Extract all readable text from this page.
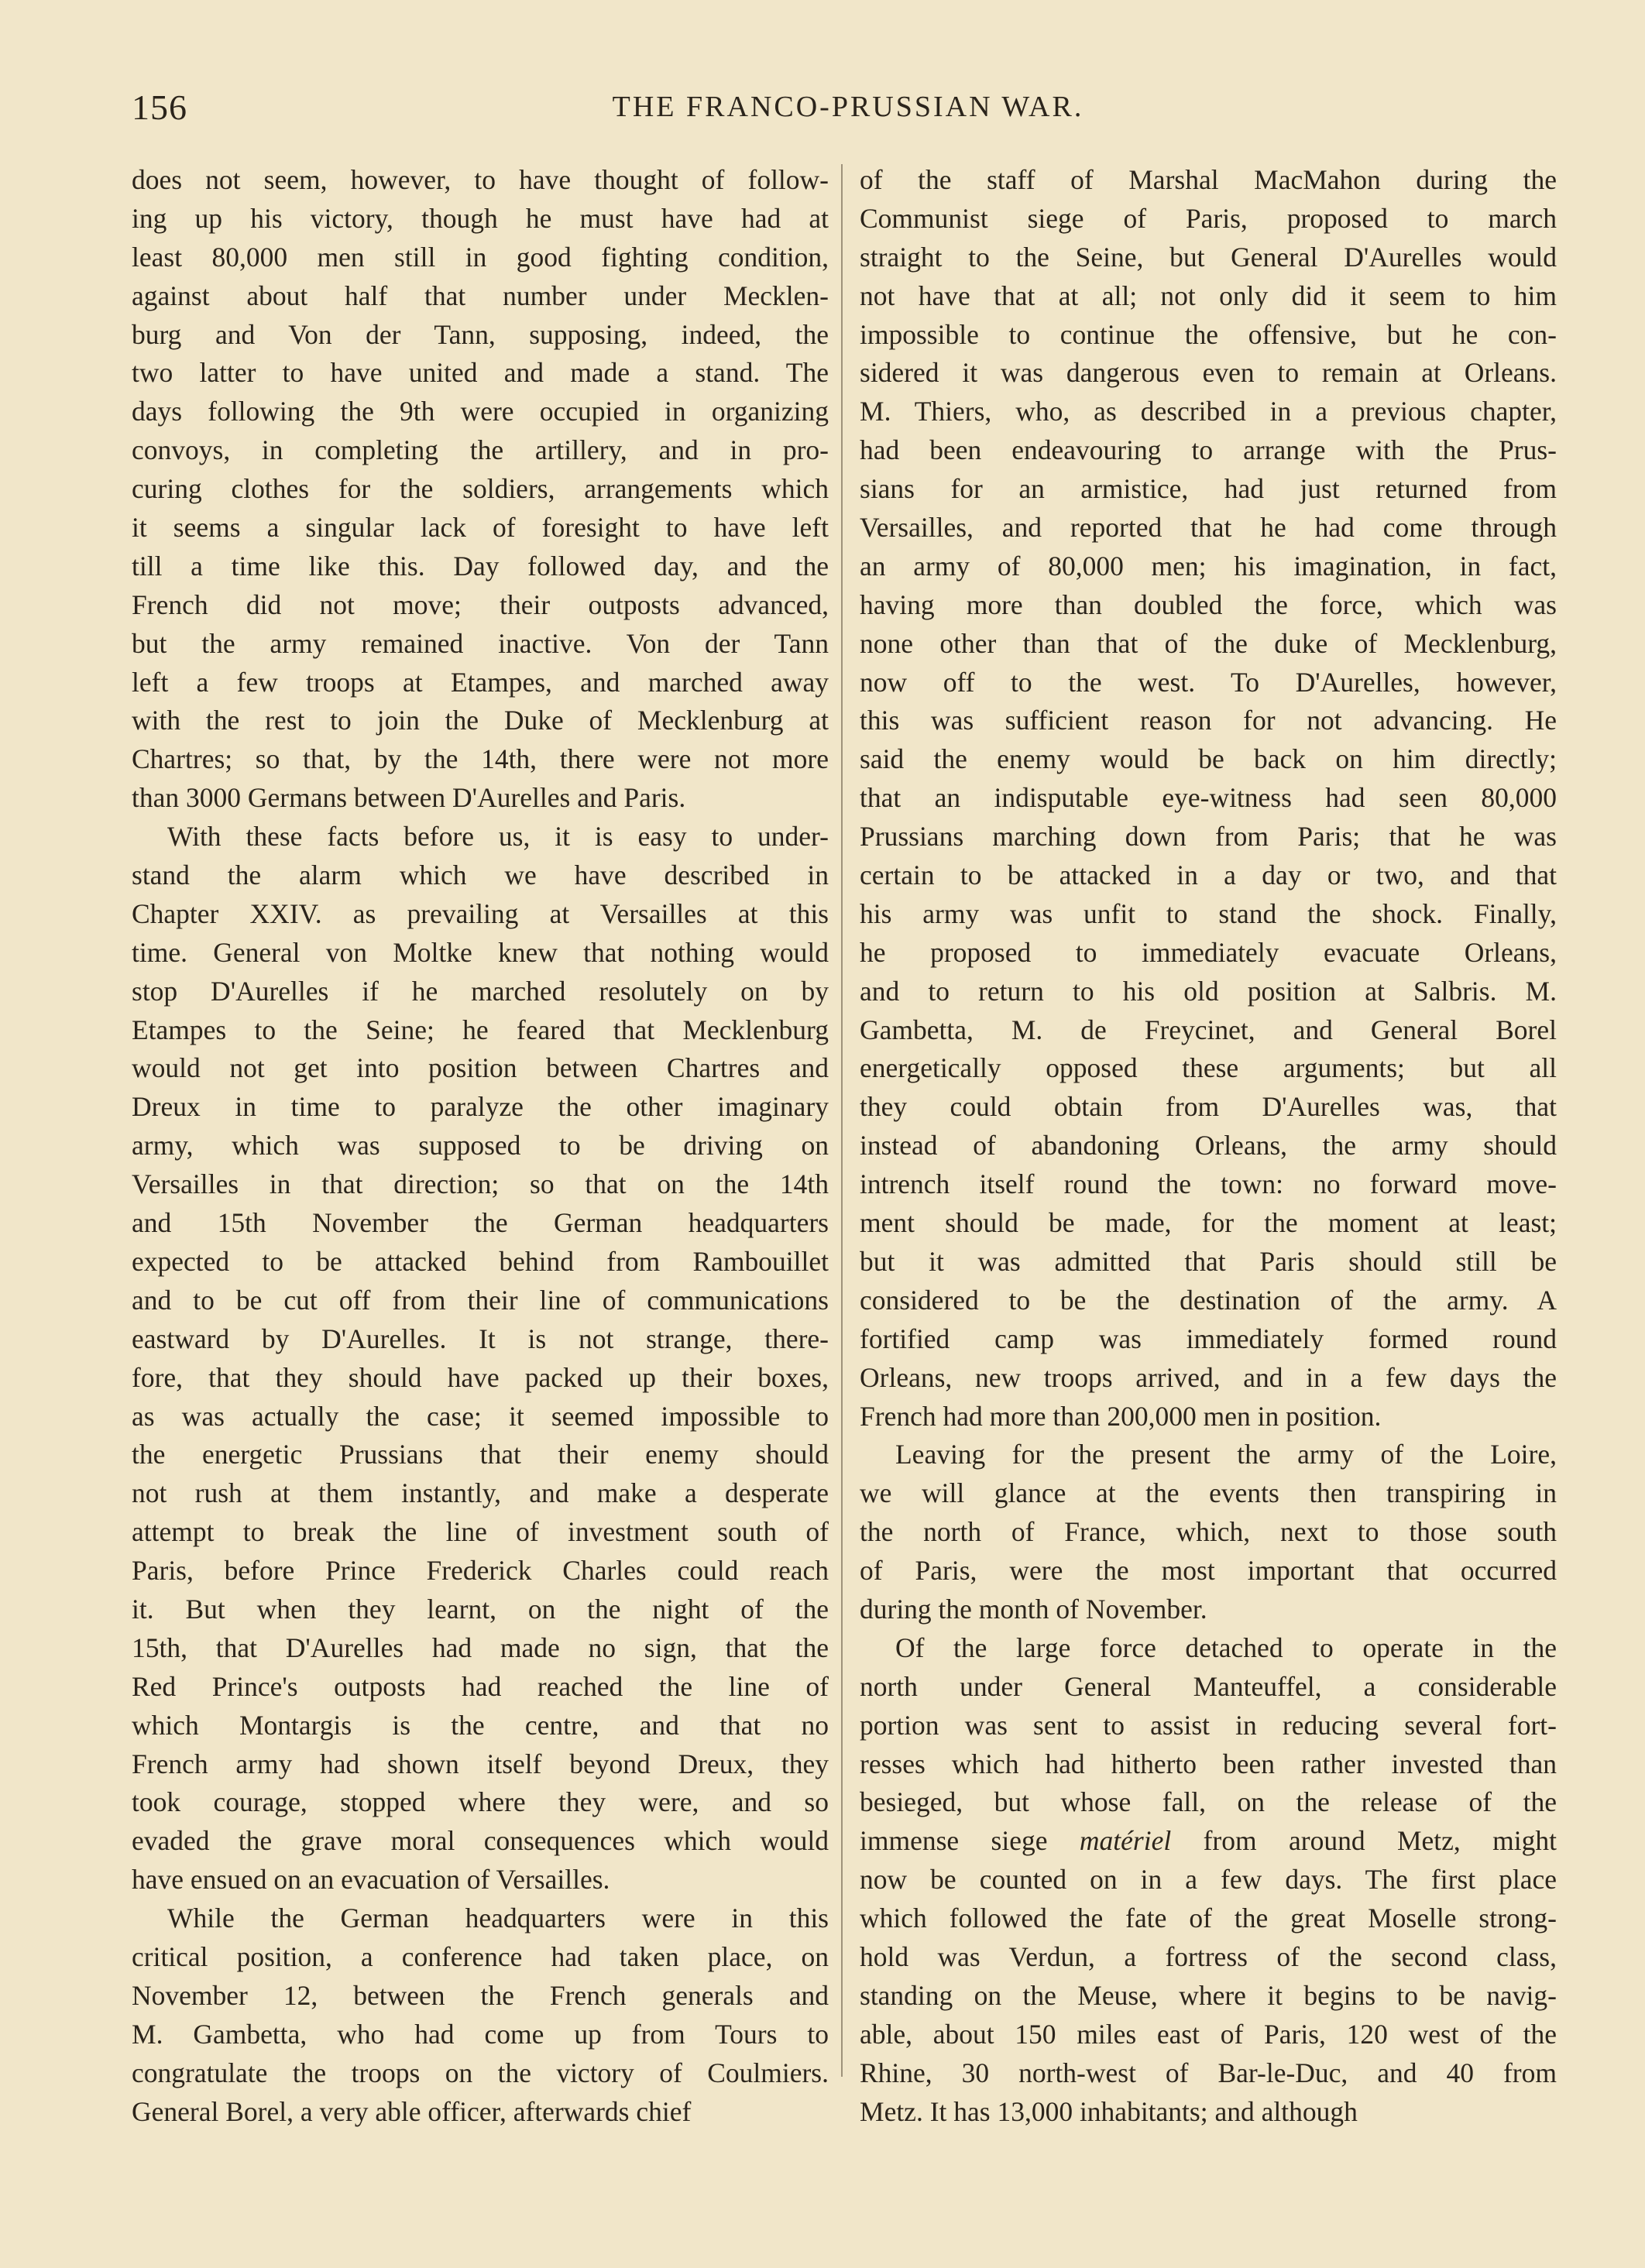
156	THE FRANCO-PRUSSIAN WAR.
does not seem, however, to have thought of follow-
ing up his victory, though he must have had at
least 80,000 men still in good fighting condition,
against about half that number under Mecklen-
burg and Von der Tann, supposing, indeed, the
two latter to have united and made a stand. The
days following the 9th were occupied in organizing
convoys, in completing the artillery, and in pro-
curing clothes for the soldiers, arrangements which
it seems a singular lack of foresight to have left
till a time like this. Day followed day, and the
French did not move; their outposts advanced,
but the army remained inactive. Von der Tann
left a few troops at Etampes, and marched away
with the rest to join the Duke of Mecklenburg at
Chartres; so that, by the 14th, there were not more
than 3000 Germans between D'Aurelles and Paris.
With these facts before us, it is easy to under-
stand the alarm which we have described in
Chapter XXIV. as prevailing at Versailles at this
time. General von Moltke knew that nothing would
stop D'Aurelles if he marched resolutely on by
Etampes to the Seine; he feared that Mecklenburg
would not get into position between Chartres and
Dreux in time to paralyze the other imaginary
army, which was supposed to be driving on
Versailles in that direction; so that on the 14th
and 15th November the German headquarters
expected to be attacked behind from Rambouillet
and to be cut off from their line of communications
eastward by D'Aurelles. It is not strange, there-
fore, that they should have packed up their boxes,
as was actually the case; it seemed impossible to
the energetic Prussians that their enemy should
not rush at them instantly, and make a desperate
attempt to break the line of investment south of
Paris, before Prince Frederick Charles could reach
it. But when they learnt, on the night of the
15th, that D'Aurelles had made no sign, that the
Red Prince's outposts had reached the line of
which Montargis is the centre, and that no
French army had shown itself beyond Dreux, they
took courage, stopped where they were, and so
evaded the grave moral consequences which would
have ensued on an evacuation of Versailles.
While the German headquarters were in this
critical position, a conference had taken place, on
November 12, between the French generals and
M. Gambetta, who had come up from Tours to
congratulate the troops on the victory of Coulmiers.
General Borel, a very able officer, afterwards chief
of the staff of Marshal MacMahon during the
Communist siege of Paris, proposed to march
straight to the Seine, but General D'Aurelles would
not have that at all; not only did it seem to him
impossible to continue the offensive, but he con-
sidered it was dangerous even to remain at Orleans.
M. Thiers, who, as described in a previous chapter,
had been endeavouring to arrange with the Prus-
sians for an armistice, had just returned from
Versailles, and reported that he had come through
an army of 80,000 men; his imagination, in fact,
having more than doubled the force, which was
none other than that of the duke of Mecklenburg,
now off to the west. To D'Aurelles, however,
this was sufficient reason for not advancing. He
said the enemy would be back on him directly;
that an indisputable eye-witness had seen 80,000
Prussians marching down from Paris; that he was
certain to be attacked in a day or two, and that
his army was unfit to stand the shock. Finally,
he proposed to immediately evacuate Orleans,
and to return to his old position at Salbris. M.
Gambetta, M. de Freycinet, and General Borel
energetically opposed these arguments; but all
they could obtain from D'Aurelles was, that
instead of abandoning Orleans, the army should
intrench itself round the town: no forward move-
ment should be made, for the moment at least;
but it was admitted that Paris should still be
considered to be the destination of the army. A
fortified camp was immediately formed round
Orleans, new troops arrived, and in a few days the
French had more than 200,000 men in position.
Leaving for the present the army of the Loire,
we will glance at the events then transpiring in
the north of France, which, next to those south
of Paris, were the most important that occurred
during the month of November.
Of the large force detached to operate in the
north under General Manteuffel, a considerable
portion was sent to assist in reducing several fort-
resses which had hitherto been rather invested than
besieged, but whose fall, on the release of the
immense siege matériel from around Metz, might
now be counted on in a few days. The first place
which followed the fate of the great Moselle strong-
hold was Verdun, a fortress of the second class,
standing on the Meuse, where it begins to be navig-
able, about 150 miles east of Paris, 120 west of the
Rhine, 30 north-west of Bar-le-Duc, and 40 from
Metz. It has 13,000 inhabitants; and although
